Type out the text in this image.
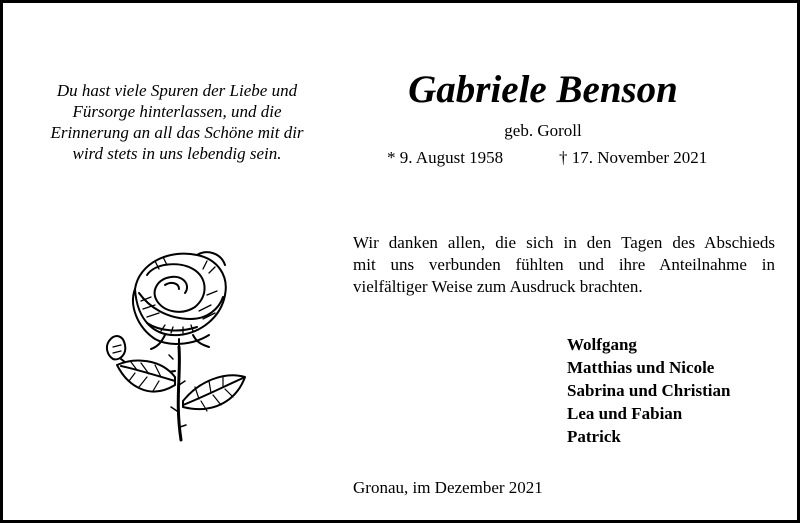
Du hast viele Spuren der Liebe und
Fürsorge hinterlassen, und die
Erinnerung an all das Schöne mit dir
wird stets in uns lebendig sein.
Gabriele Benson
geb. Goroll
* 9. August 1958	† 17. November 2021
Wir danken allen, die sich in den Tagen des Abschieds
mit uns verbunden fühlten und ihre Anteilnahme in
vielfältiger Weise zum Ausdruck brachten.
Wolfgang
Matthias und Nicole
Sabrina und Christian
Lea und Fabian
Patrick
Gronau, im Dezember 2021
